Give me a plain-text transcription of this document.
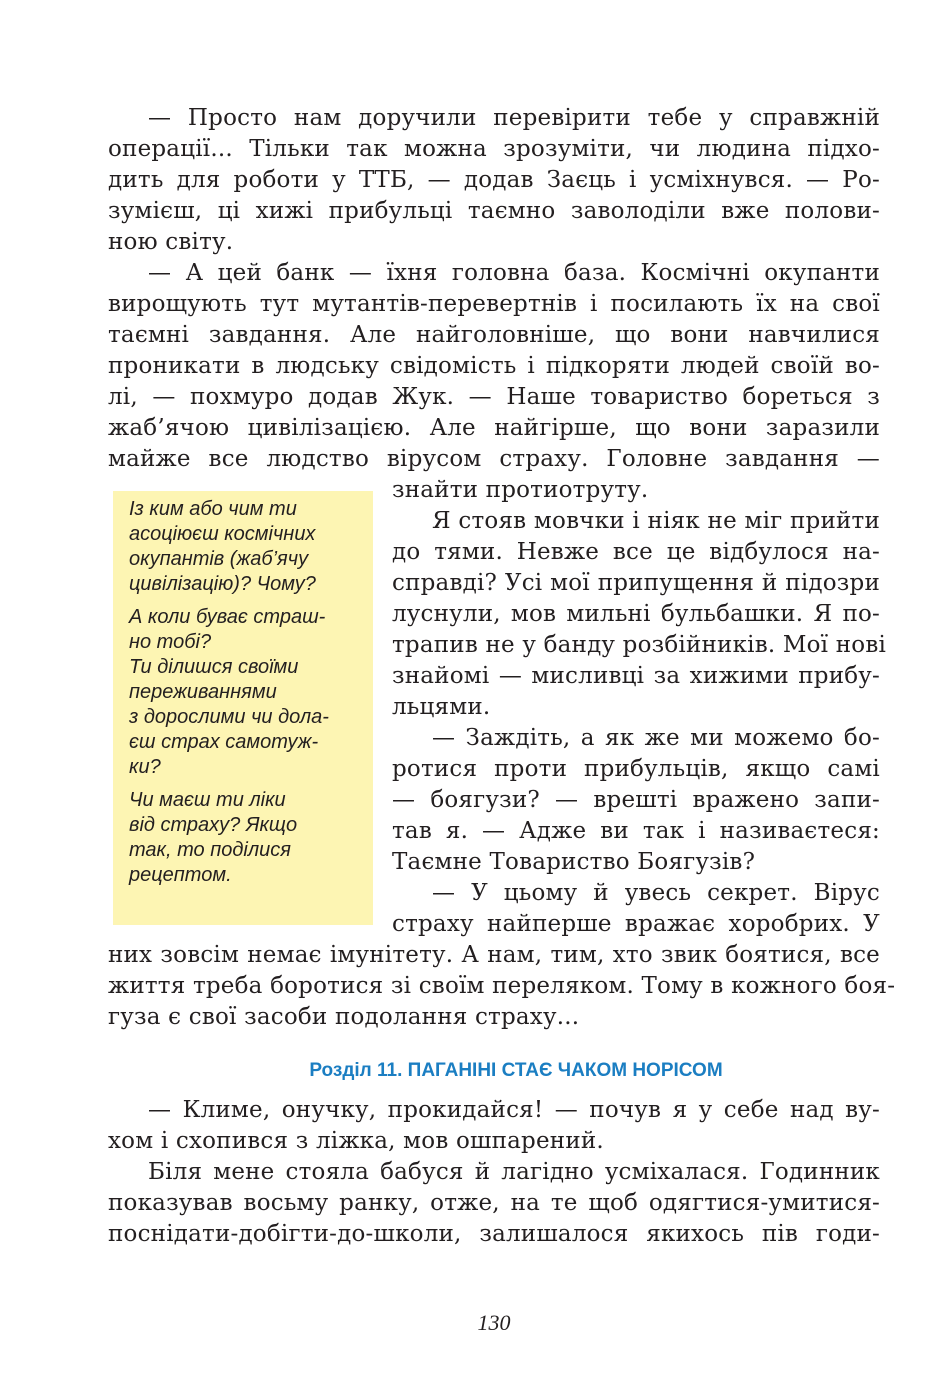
— Просто нам доручили перевірити тебе у справжній
операції... Тільки так можна зрозуміти, чи людина підхо-
дить для роботи у ТТБ, — додав Заєць і усміхнувся. — Ро-
зумієш, ці хижі прибульці таємно заволоділи вже полови-
ною світу.
— А цей банк — їхня головна база. Космічні окупанти
вирощують тут мутантів-перевертнів і посилають їх на свої
таємні завдання. Але найголовніше, що вони навчилися
проникати в людську свідомість і підкоряти людей своїй во-
лі, — похмуро додав Жук. — Наше товариство бореться з
жаб’ячою цивілізацією. Але найгірше, що вони заразили
майже все людство вірусом страху. Головне завдання —

Із ким або чим ти
асоціюєш космічних
окупантів (жаб’ячу
цивілізацію)? Чому?

А коли буває страш-
но тобі?
Ти ділишся своїми
переживаннями
з дорослими чи дола-
єш страх самотуж-
ки?

Чи маєш ти ліки
від страху? Якщо
так, то поділися
рецептом.

знайти протиотруту.
Я стояв мовчки і ніяк не міг прийти
до тями. Невже все це відбулося на-
справді? Усі мої припущення й підозри
луснули, мов мильні бульбашки. Я по-
трапив не у банду розбійників. Мої нові
знайомі — мисливці за хижими прибу-
льцями.
— Заждіть, а як же ми можемо бо-
ротися проти прибульців, якщо самі
— боягузи? — врешті вражено запи-
тав я. — Адже ви так і називаєтеся:
Таємне Товариство Боягузів?
— У цьому й увесь секрет. Вірус
страху найперше вражає хоробрих. У
них зовсім немає імунітету. А нам, тим, хто звик боятися, все
життя треба боротися зі своїм переляком. Тому в кожного боя-
гуза є свої засоби подолання страху...
Розділ 11. ПАГАНІНІ СТАЄ ЧАКОМ НОРІСОМ
— Климе, онучку, прокидайся! — почув я у себе над ву-
хом і схопився з ліжка, мов ошпарений.
Біля мене стояла бабуся й лагідно усміхалася. Годинник
показував восьму ранку, отже, на те щоб одягтися-умитися-
поснідати-добігти-до-школи, залишалося якихось пів годи-
130
